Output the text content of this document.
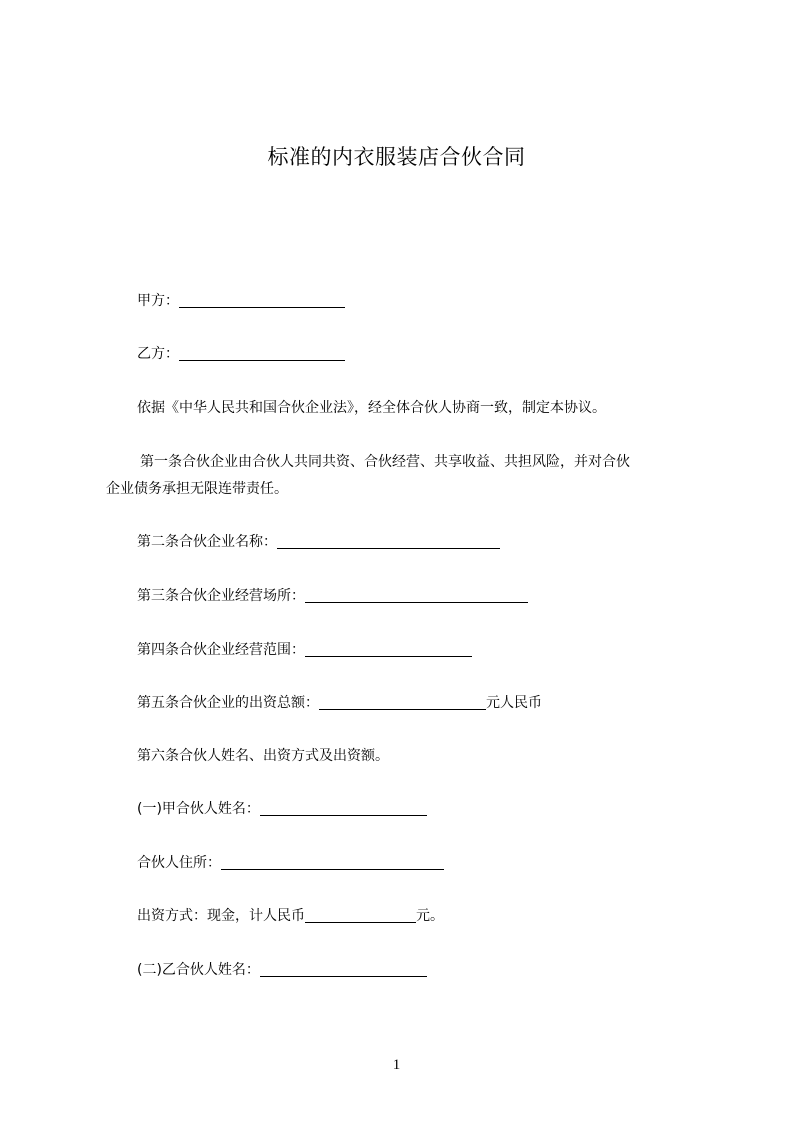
标准的内衣服装店合伙合同
甲方：
乙方：
依据《中华人民共和国合伙企业法》，经全体合伙人协商一致，制定本协议。
第一条合伙企业由合伙人共同共资、合伙经营、共享收益、共担风险，并对合伙
企业债务承担无限连带责任。
第二条合伙企业名称：
第三条合伙企业经营场所：
第四条合伙企业经营范围：
第五条合伙企业的出资总额：	元人民币
第六条合伙人姓名、出资方式及出资额。
(一)甲合伙人姓名：
合伙人住所：
出资方式：现金，计人民币	元。
(二)乙合伙人姓名：
1
